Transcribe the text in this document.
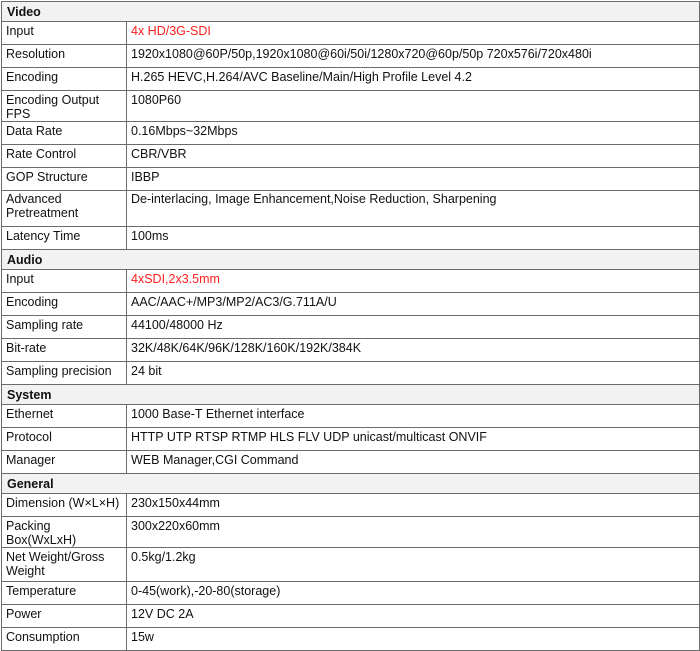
Video	
Input	4x HD/3G-SDI
Resolution	1920x1080@60P/50p,1920x1080@60i/50i/1280x720@60p/50p 720x576i/720x480i
Encoding	H.265 HEVC,H.264/AVC Baseline/Main/High Profile Level 4.2
Encoding Output FPS	1080P60
Data Rate	0.16Mbps~32Mbps
Rate Control	CBR/VBR
GOP Structure	IBBP
Advanced Pretreatment	De-interlacing, Image Enhancement,Noise Reduction, Sharpening
Latency Time	100ms
Audio	
Input	4xSDI,2x3.5mm
Encoding	AAC/AAC+/MP3/MP2/AC3/G.711A/U
Sampling rate	44100/48000 Hz
Bit-rate	32K/48K/64K/96K/128K/160K/192K/384K
Sampling precision	24 bit
System	
Ethernet	1000 Base-T Ethernet interface
Protocol	HTTP UTP RTSP RTMP HLS FLV UDP unicast/multicast ONVIF
Manager	WEB Manager,CGI Command
General	
Dimension (W×L×H)	230x150x44mm
Packing Box(WxLxH)	300x220x60mm
Net Weight/Gross Weight	0.5kg/1.2kg
Temperature	0-45(work),-20-80(storage)
Power	12V DC 2A
Consumption	15w
